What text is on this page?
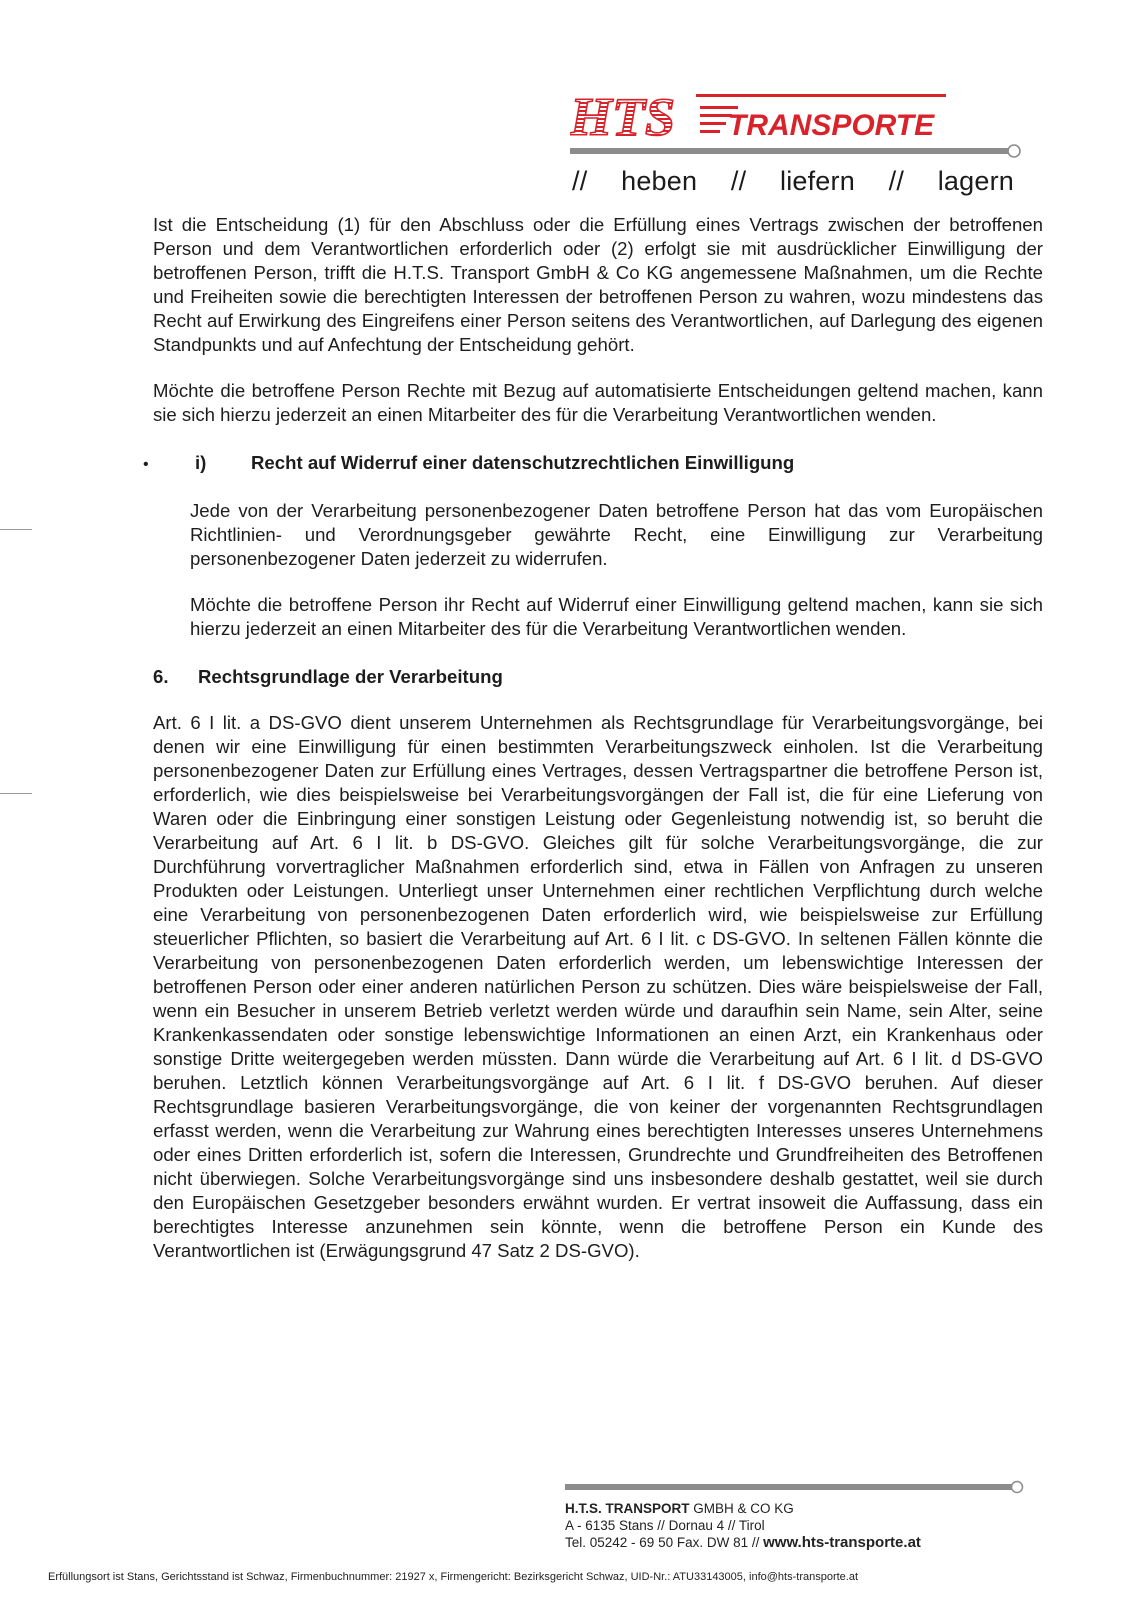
HTS TRANSPORTE
// heben // liefern // lagern

Ist die Entscheidung (1) für den Abschluss oder die Erfüllung eines Vertrags zwischen der betroffenen Person und dem Verantwortlichen erforderlich oder (2) erfolgt sie mit ausdrücklicher Einwilligung der betroffenen Person, trifft die H.T.S. Transport GmbH & Co KG angemessene Maßnahmen, um die Rechte und Freiheiten sowie die berechtigten Interessen der betroffenen Person zu wahren, wozu mindestens das Recht auf Erwirkung des Eingreifens einer Person seitens des Verantwortlichen, auf Darlegung des eigenen Standpunkts und auf Anfechtung der Entscheidung gehört.

Möchte die betroffene Person Rechte mit Bezug auf automatisierte Entscheidungen geltend machen, kann sie sich hierzu jederzeit an einen Mitarbeiter des für die Verarbeitung Verantwortlichen wenden.

•	i)	Recht auf Widerruf einer datenschutzrechtlichen Einwilligung

Jede von der Verarbeitung personenbezogener Daten betroffene Person hat das vom Europäischen Richtlinien- und Verordnungsgeber gewährte Recht, eine Einwilligung zur Verarbeitung personenbezogener Daten jederzeit zu widerrufen.

Möchte die betroffene Person ihr Recht auf Widerruf einer Einwilligung geltend machen, kann sie sich hierzu jederzeit an einen Mitarbeiter des für die Verarbeitung Verantwortlichen wenden.

6.	Rechtsgrundlage der Verarbeitung

Art. 6 I lit. a DS-GVO dient unserem Unternehmen als Rechtsgrundlage für Verarbeitungsvorgänge, bei denen wir eine Einwilligung für einen bestimmten Verarbeitungszweck einholen. Ist die Verarbeitung personenbezogener Daten zur Erfüllung eines Vertrages, dessen Vertragspartner die betroffene Person ist, erforderlich, wie dies beispielsweise bei Verarbeitungsvorgängen der Fall ist, die für eine Lieferung von Waren oder die Einbringung einer sonstigen Leistung oder Gegenleistung notwendig ist, so beruht die Verarbeitung auf Art. 6 I lit. b DS-GVO. Gleiches gilt für solche Verarbeitungsvorgänge, die zur Durchführung vorvertraglicher Maßnahmen erforderlich sind, etwa in Fällen von Anfragen zu unseren Produkten oder Leistungen. Unterliegt unser Unternehmen einer rechtlichen Verpflichtung durch welche eine Verarbeitung von personenbezogenen Daten erforderlich wird, wie beispielsweise zur Erfüllung steuerlicher Pflichten, so basiert die Verarbeitung auf Art. 6 I lit. c DS-GVO. In seltenen Fällen könnte die Verarbeitung von personenbezogenen Daten erforderlich werden, um lebenswichtige Interessen der betroffenen Person oder einer anderen natürlichen Person zu schützen. Dies wäre beispielsweise der Fall, wenn ein Besucher in unserem Betrieb verletzt werden würde und daraufhin sein Name, sein Alter, seine Krankenkassendaten oder sonstige lebenswichtige Informationen an einen Arzt, ein Krankenhaus oder sonstige Dritte weitergegeben werden müssten. Dann würde die Verarbeitung auf Art. 6 I lit. d DS-GVO beruhen. Letztlich können Verarbeitungsvorgänge auf Art. 6 I lit. f DS-GVO beruhen. Auf dieser Rechtsgrundlage basieren Verarbeitungsvorgänge, die von keiner der vorgenannten Rechtsgrundlagen erfasst werden, wenn die Verarbeitung zur Wahrung eines berechtigten Interesses unseres Unternehmens oder eines Dritten erforderlich ist, sofern die Interessen, Grundrechte und Grundfreiheiten des Betroffenen nicht überwiegen. Solche Verarbeitungsvorgänge sind uns insbesondere deshalb gestattet, weil sie durch den Europäischen Gesetzgeber besonders erwähnt wurden. Er vertrat insoweit die Auffassung, dass ein berechtigtes Interesse anzunehmen sein könnte, wenn die betroffene Person ein Kunde des Verantwortlichen ist (Erwägungsgrund 47 Satz 2 DS-GVO).

H.T.S. TRANSPORT GMBH & CO KG
A - 6135 Stans // Dornau 4 // Tirol
Tel. 05242 - 69 50 Fax. DW 81 // www.hts-transporte.at
Erfüllungsort ist Stans, Gerichtsstand ist Schwaz, Firmenbuchnummer: 21927 x, Firmengericht: Bezirksgericht Schwaz, UID-Nr.: ATU33143005, info@hts-transporte.at
